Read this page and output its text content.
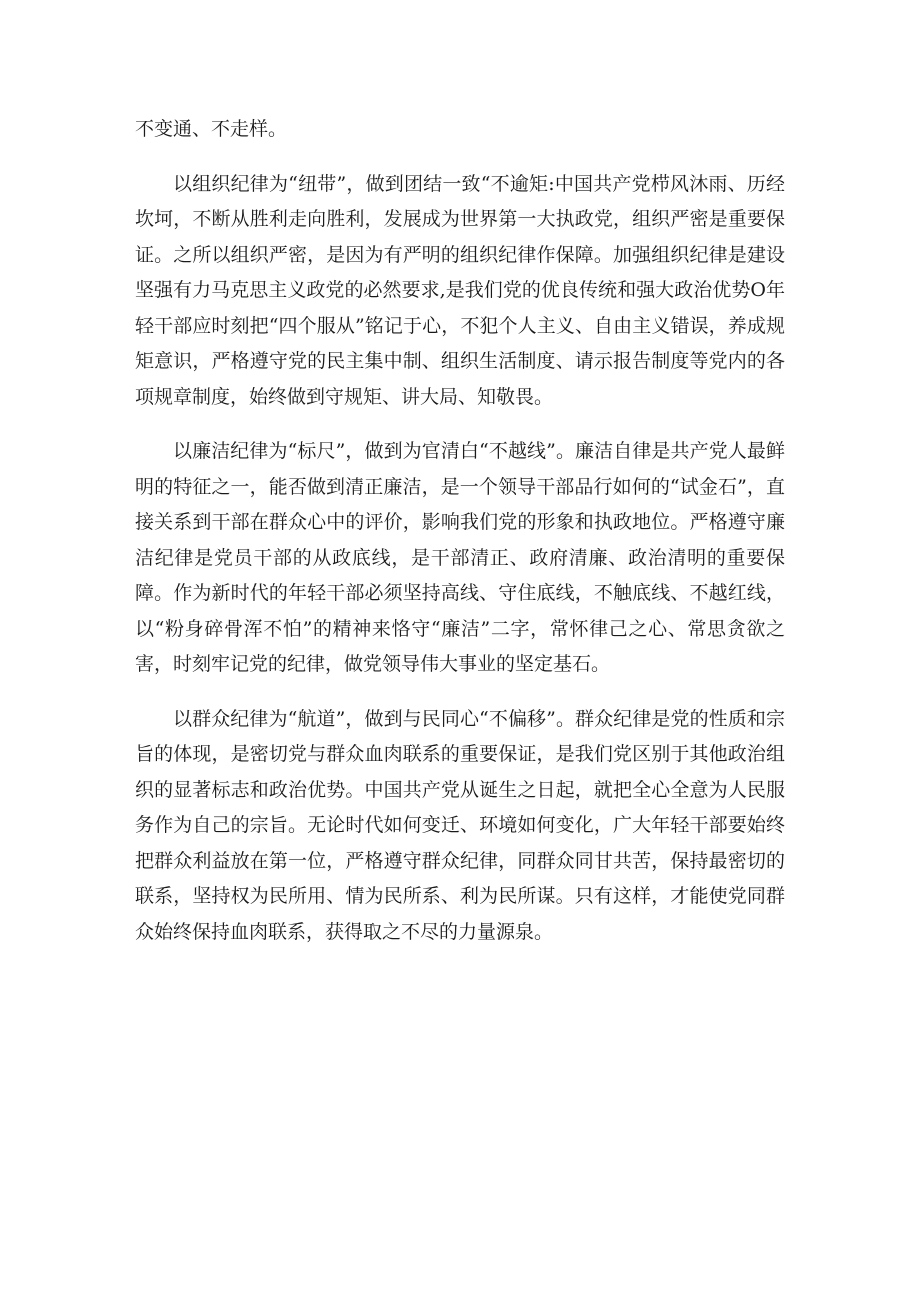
不变通、不走样。

以组织纪律为“纽带”，做到团结一致“不逾矩:中国共产党栉风沐雨、历经坎坷，不断从胜利走向胜利，发展成为世界第一大执政党，组织严密是重要保证。之所以组织严密，是因为有严明的组织纪律作保障。加强组织纪律是建设坚强有力马克思主义政党的必然要求,是我们党的优良传统和强大政治优势O年轻干部应时刻把“四个服从”铭记于心，不犯个人主义、自由主义错误，养成规矩意识，严格遵守党的民主集中制、组织生活制度、请示报告制度等党内的各项规章制度，始终做到守规矩、讲大局、知敬畏。

以廉洁纪律为“标尺”，做到为官清白“不越线”。廉洁自律是共产党人最鲜明的特征之一，能否做到清正廉洁，是一个领导干部品行如何的“试金石”，直接关系到干部在群众心中的评价，影响我们党的形象和执政地位。严格遵守廉洁纪律是党员干部的从政底线，是干部清正、政府清廉、政治清明的重要保障。作为新时代的年轻干部必须坚持高线、守住底线，不触底线、不越红线，以“粉身碎骨浑不怕”的精神来恪守“廉洁”二字，常怀律己之心、常思贪欲之害，时刻牢记党的纪律，做党领导伟大事业的坚定基石。

以群众纪律为“航道”，做到与民同心“不偏移”。群众纪律是党的性质和宗旨的体现，是密切党与群众血肉联系的重要保证，是我们党区别于其他政治组织的显著标志和政治优势。中国共产党从诞生之日起，就把全心全意为人民服务作为自己的宗旨。无论时代如何变迁、环境如何变化，广大年轻干部要始终把群众利益放在第一位，严格遵守群众纪律，同群众同甘共苦，保持最密切的联系，坚持权为民所用、情为民所系、利为民所谋。只有这样，才能使党同群众始终保持血肉联系，获得取之不尽的力量源泉。
